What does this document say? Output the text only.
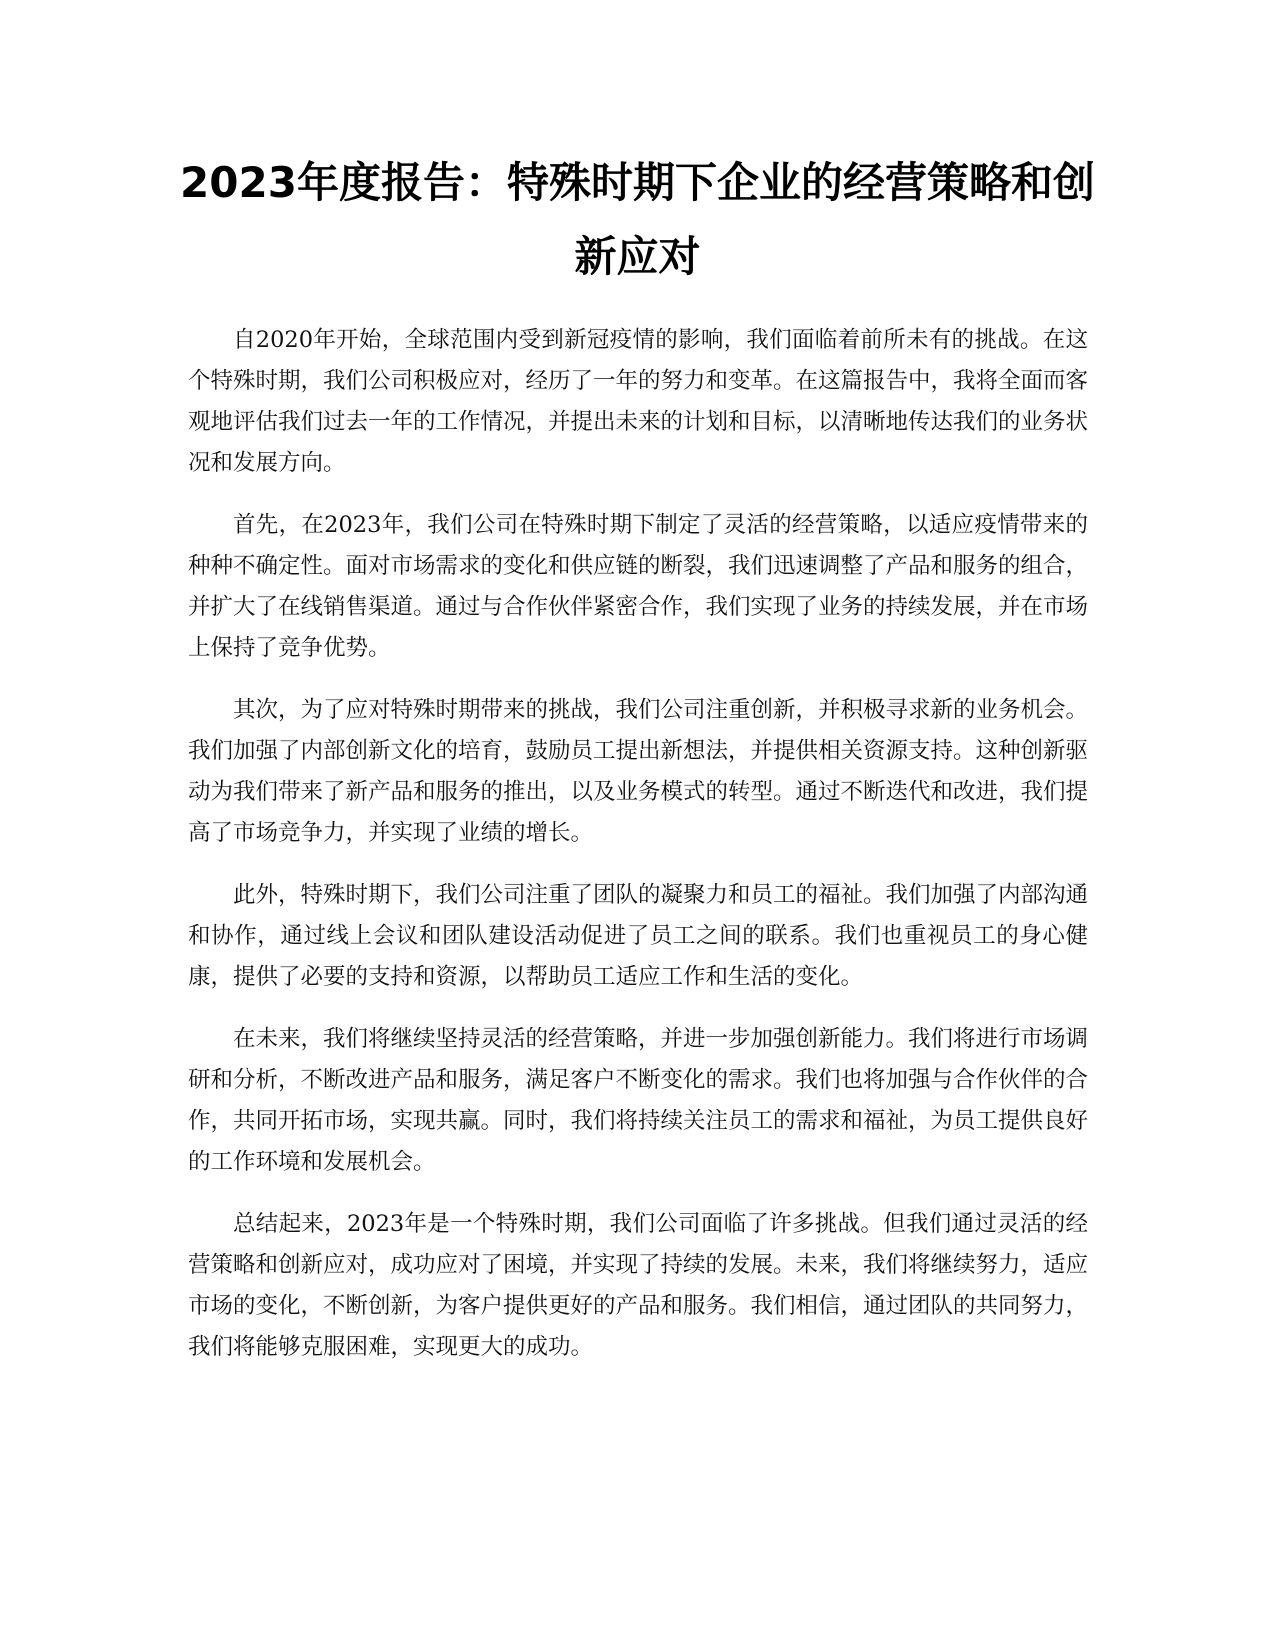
2023年度报告：特殊时期下企业的经营策略和创新应对

自2020年开始，全球范围内受到新冠疫情的影响，我们面临着前所未有的挑战。在这个特殊时期，我们公司积极应对，经历了一年的努力和变革。在这篇报告中，我将全面而客观地评估我们过去一年的工作情况，并提出未来的计划和目标，以清晰地传达我们的业务状况和发展方向。

首先，在2023年，我们公司在特殊时期下制定了灵活的经营策略，以适应疫情带来的种种不确定性。面对市场需求的变化和供应链的断裂，我们迅速调整了产品和服务的组合，并扩大了在线销售渠道。通过与合作伙伴紧密合作，我们实现了业务的持续发展，并在市场上保持了竞争优势。

其次，为了应对特殊时期带来的挑战，我们公司注重创新，并积极寻求新的业务机会。我们加强了内部创新文化的培育，鼓励员工提出新想法，并提供相关资源支持。这种创新驱动为我们带来了新产品和服务的推出，以及业务模式的转型。通过不断迭代和改进，我们提高了市场竞争力，并实现了业绩的增长。

此外，特殊时期下，我们公司注重了团队的凝聚力和员工的福祉。我们加强了内部沟通和协作，通过线上会议和团队建设活动促进了员工之间的联系。我们也重视员工的身心健康，提供了必要的支持和资源，以帮助员工适应工作和生活的变化。

在未来，我们将继续坚持灵活的经营策略，并进一步加强创新能力。我们将进行市场调研和分析，不断改进产品和服务，满足客户不断变化的需求。我们也将加强与合作伙伴的合作，共同开拓市场，实现共赢。同时，我们将持续关注员工的需求和福祉，为员工提供良好的工作环境和发展机会。

总结起来，2023年是一个特殊时期，我们公司面临了许多挑战。但我们通过灵活的经营策略和创新应对，成功应对了困境，并实现了持续的发展。未来，我们将继续努力，适应市场的变化，不断创新，为客户提供更好的产品和服务。我们相信，通过团队的共同努力，我们将能够克服困难，实现更大的成功。
